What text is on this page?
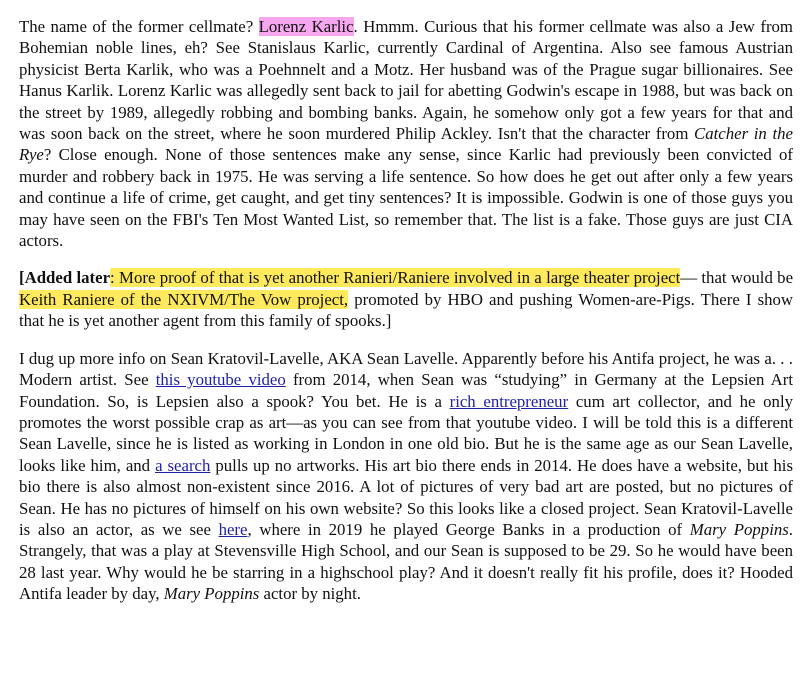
The name of the former cellmate? Lorenz Karlic. Hmmm. Curious that his former cellmate was also a Jew from Bohemian noble lines, eh? See Stanislaus Karlic, currently Cardinal of Argentina. Also see famous Austrian physicist Berta Karlik, who was a Poehnnelt and a Motz. Her husband was of the Prague sugar billionaires. See Hanus Karlik. Lorenz Karlic was allegedly sent back to jail for abetting Godwin's escape in 1988, but was back on the street by 1989, allegedly robbing and bombing banks. Again, he somehow only got a few years for that and was soon back on the street, where he soon murdered Philip Ackley. Isn't that the character from Catcher in the Rye? Close enough. None of those sentences make any sense, since Karlic had previously been convicted of murder and robbery back in 1975. He was serving a life sentence. So how does he get out after only a few years and continue a life of crime, get caught, and get tiny sentences? It is impossible. Godwin is one of those guys you may have seen on the FBI's Ten Most Wanted List, so remember that. The list is a fake. Those guys are just CIA actors.

[Added later: More proof of that is yet another Ranieri/Raniere involved in a large theater project— that would be Keith Raniere of the NXIVM/The Vow project, promoted by HBO and pushing Women-are-Pigs. There I show that he is yet another agent from this family of spooks.]

I dug up more info on Sean Kratovil-Lavelle, AKA Sean Lavelle. Apparently before his Antifa project, he was a. . . Modern artist. See this youtube video from 2014, when Sean was “studying” in Germany at the Lepsien Art Foundation. So, is Lepsien also a spook? You bet. He is a rich entrepreneur cum art collector, and he only promotes the worst possible crap as art—as you can see from that youtube video. I will be told this is a different Sean Lavelle, since he is listed as working in London in one old bio. But he is the same age as our Sean Lavelle, looks like him, and a search pulls up no artworks. His art bio there ends in 2014. He does have a website, but his bio there is also almost non-existent since 2016. A lot of pictures of very bad art are posted, but no pictures of Sean. He has no pictures of himself on his own website? So this looks like a closed project. Sean Kratovil-Lavelle is also an actor, as we see here, where in 2019 he played George Banks in a production of Mary Poppins. Strangely, that was a play at Stevensville High School, and our Sean is supposed to be 29. So he would have been 28 last year. Why would he be starring in a highschool play? And it doesn't really fit his profile, does it? Hooded Antifa leader by day, Mary Poppins actor by night.
